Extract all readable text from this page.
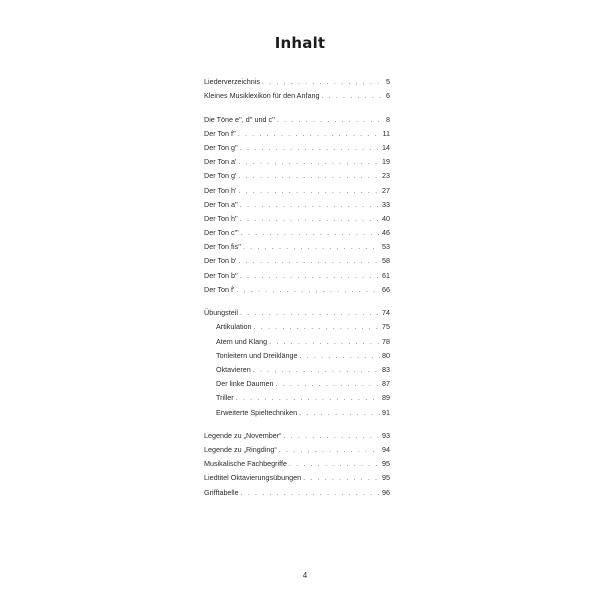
Inhalt
Liederverzeichnis . . .	5
Kleines Musiklexikon für den Anfang . . .	6
Die Töne e'', d'' und c'' . . .	8
Der Ton f'' . . .	11
Der Ton g'' . . .	14
Der Ton a' . . .	19
Der Ton g' . . .	23
Der Ton h' . . .	27
Der Ton a'' . . .	33
Der Ton h'' . . .	40
Der Ton c''' . . .	46
Der Ton fis'' . . .	53
Der Ton b' . . .	58
Der Ton b'' . . .	61
Der Ton f' . . .	66
Übungsteil . . .	74
Artikulation . . .	75
Atem und Klang . . .	78
Tonleitern und Dreiklänge . . .	80
Oktavieren . . .	83
Der linke Daumen . . .	87
Triller . . .	89
Erweiterte Spieltechniken . . .	91
Legende zu „November“ . . .	93
Legende zu „Ringding“ . . .	94
Musikalische Fachbegriffe . . .	95
Liedtitel Oktavierungsübungen . . .	95
Grifftabelle . . .	96
4
